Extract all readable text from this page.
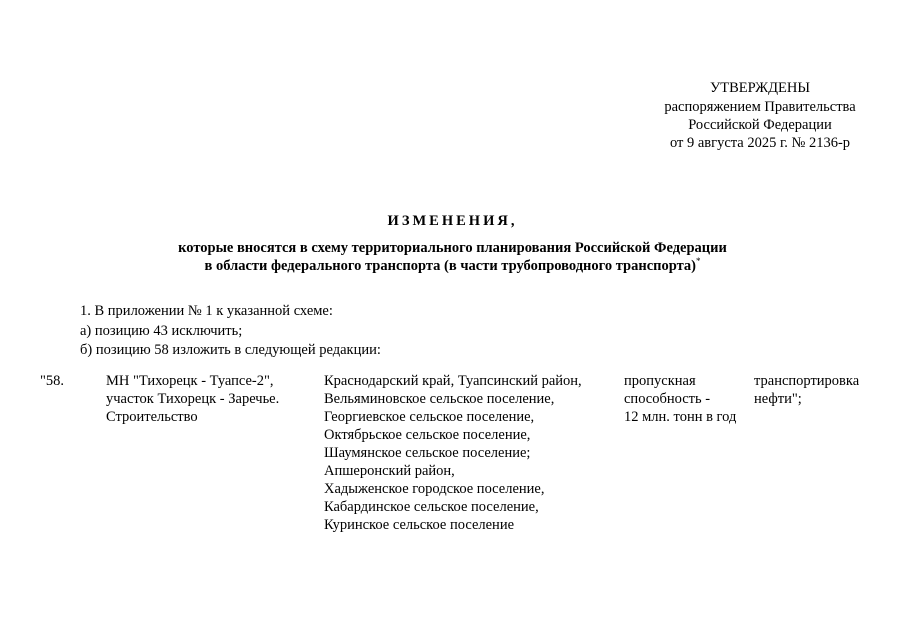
УТВЕРЖДЕНЫ
распоряжением Правительства
Российской Федерации
от 9 августа 2025 г. № 2136-р
ИЗМЕНЕНИЯ,
которые вносятся в схему территориального планирования Российской Федерации
в области федерального транспорта (в части трубопроводного транспорта)*
1. В приложении № 1 к указанной схеме:
а) позицию 43 исключить;
б) позицию 58 изложить в следующей редакции:
"58.	МН "Тихорецк - Туапсе-2",
участок Тихорецк - Заречье.
Строительство
Краснодарский край, Туапсинский район,
Вельяминовское сельское поселение,
Георгиевское сельское поселение,
Октябрьское сельское поселение,
Шаумянское сельское поселение;
Апшеронский район,
Хадыженское городское поселение,
Кабардинское сельское поселение,
Куринское сельское поселение
пропускная
способность -
12 млн. тонн в год
транспортировка
нефти";
